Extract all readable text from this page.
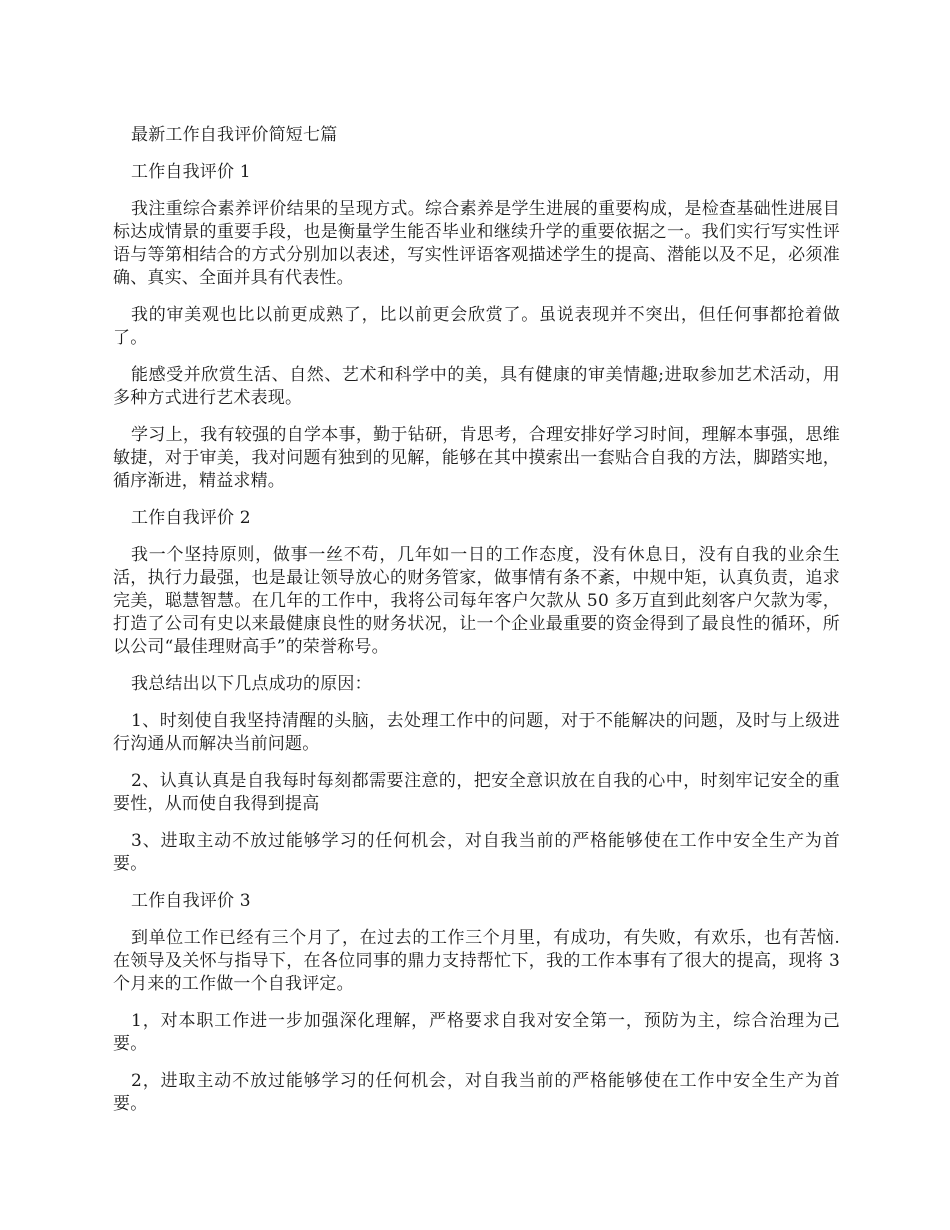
最新工作自我评价简短七篇

工作自我评价 1

我注重综合素养评价结果的呈现方式。综合素养是学生进展的重要构成，是检查基础性进展目标达成情景的重要手段，也是衡量学生能否毕业和继续升学的重要依据之一。我们实行写实性评语与等第相结合的方式分别加以表述，写实性评语客观描述学生的提高、潜能以及不足，必须准确、真实、全面并具有代表性。

我的审美观也比以前更成熟了，比以前更会欣赏了。虽说表现并不突出，但任何事都抢着做了。

能感受并欣赏生活、自然、艺术和科学中的美，具有健康的审美情趣;进取参加艺术活动，用多种方式进行艺术表现。

学习上，我有较强的自学本事，勤于钻研，肯思考，合理安排好学习时间，理解本事强，思维敏捷，对于审美，我对问题有独到的见解，能够在其中摸索出一套贴合自我的方法，脚踏实地，循序渐进，精益求精。

工作自我评价 2

我一个坚持原则，做事一丝不苟，几年如一日的工作态度，没有休息日，没有自我的业余生活，执行力最强，也是最让领导放心的财务管家，做事情有条不紊，中规中矩，认真负责，追求完美，聪慧智慧。在几年的工作中，我将公司每年客户欠款从 50 多万直到此刻客户欠款为零，打造了公司有史以来最健康良性的财务状况，让一个企业最重要的资金得到了最良性的循环，所以公司“最佳理财高手”的荣誉称号。

我总结出以下几点成功的原因：

1、时刻使自我坚持清醒的头脑，去处理工作中的问题，对于不能解决的问题，及时与上级进行沟通从而解决当前问题。

2、认真认真是自我每时每刻都需要注意的，把安全意识放在自我的心中，时刻牢记安全的重要性，从而使自我得到提高

3、进取主动不放过能够学习的任何机会，对自我当前的严格能够使在工作中安全生产为首要。

工作自我评价 3

到单位工作已经有三个月了，在过去的工作三个月里，有成功，有失败，有欢乐，也有苦恼.在领导及关怀与指导下，在各位同事的鼎力支持帮忙下，我的工作本事有了很大的提高，现将 3 个月来的工作做一个自我评定。

1，对本职工作进一步加强深化理解，严格要求自我对安全第一，预防为主，综合治理为己要。

2，进取主动不放过能够学习的任何机会，对自我当前的严格能够使在工作中安全生产为首要。
